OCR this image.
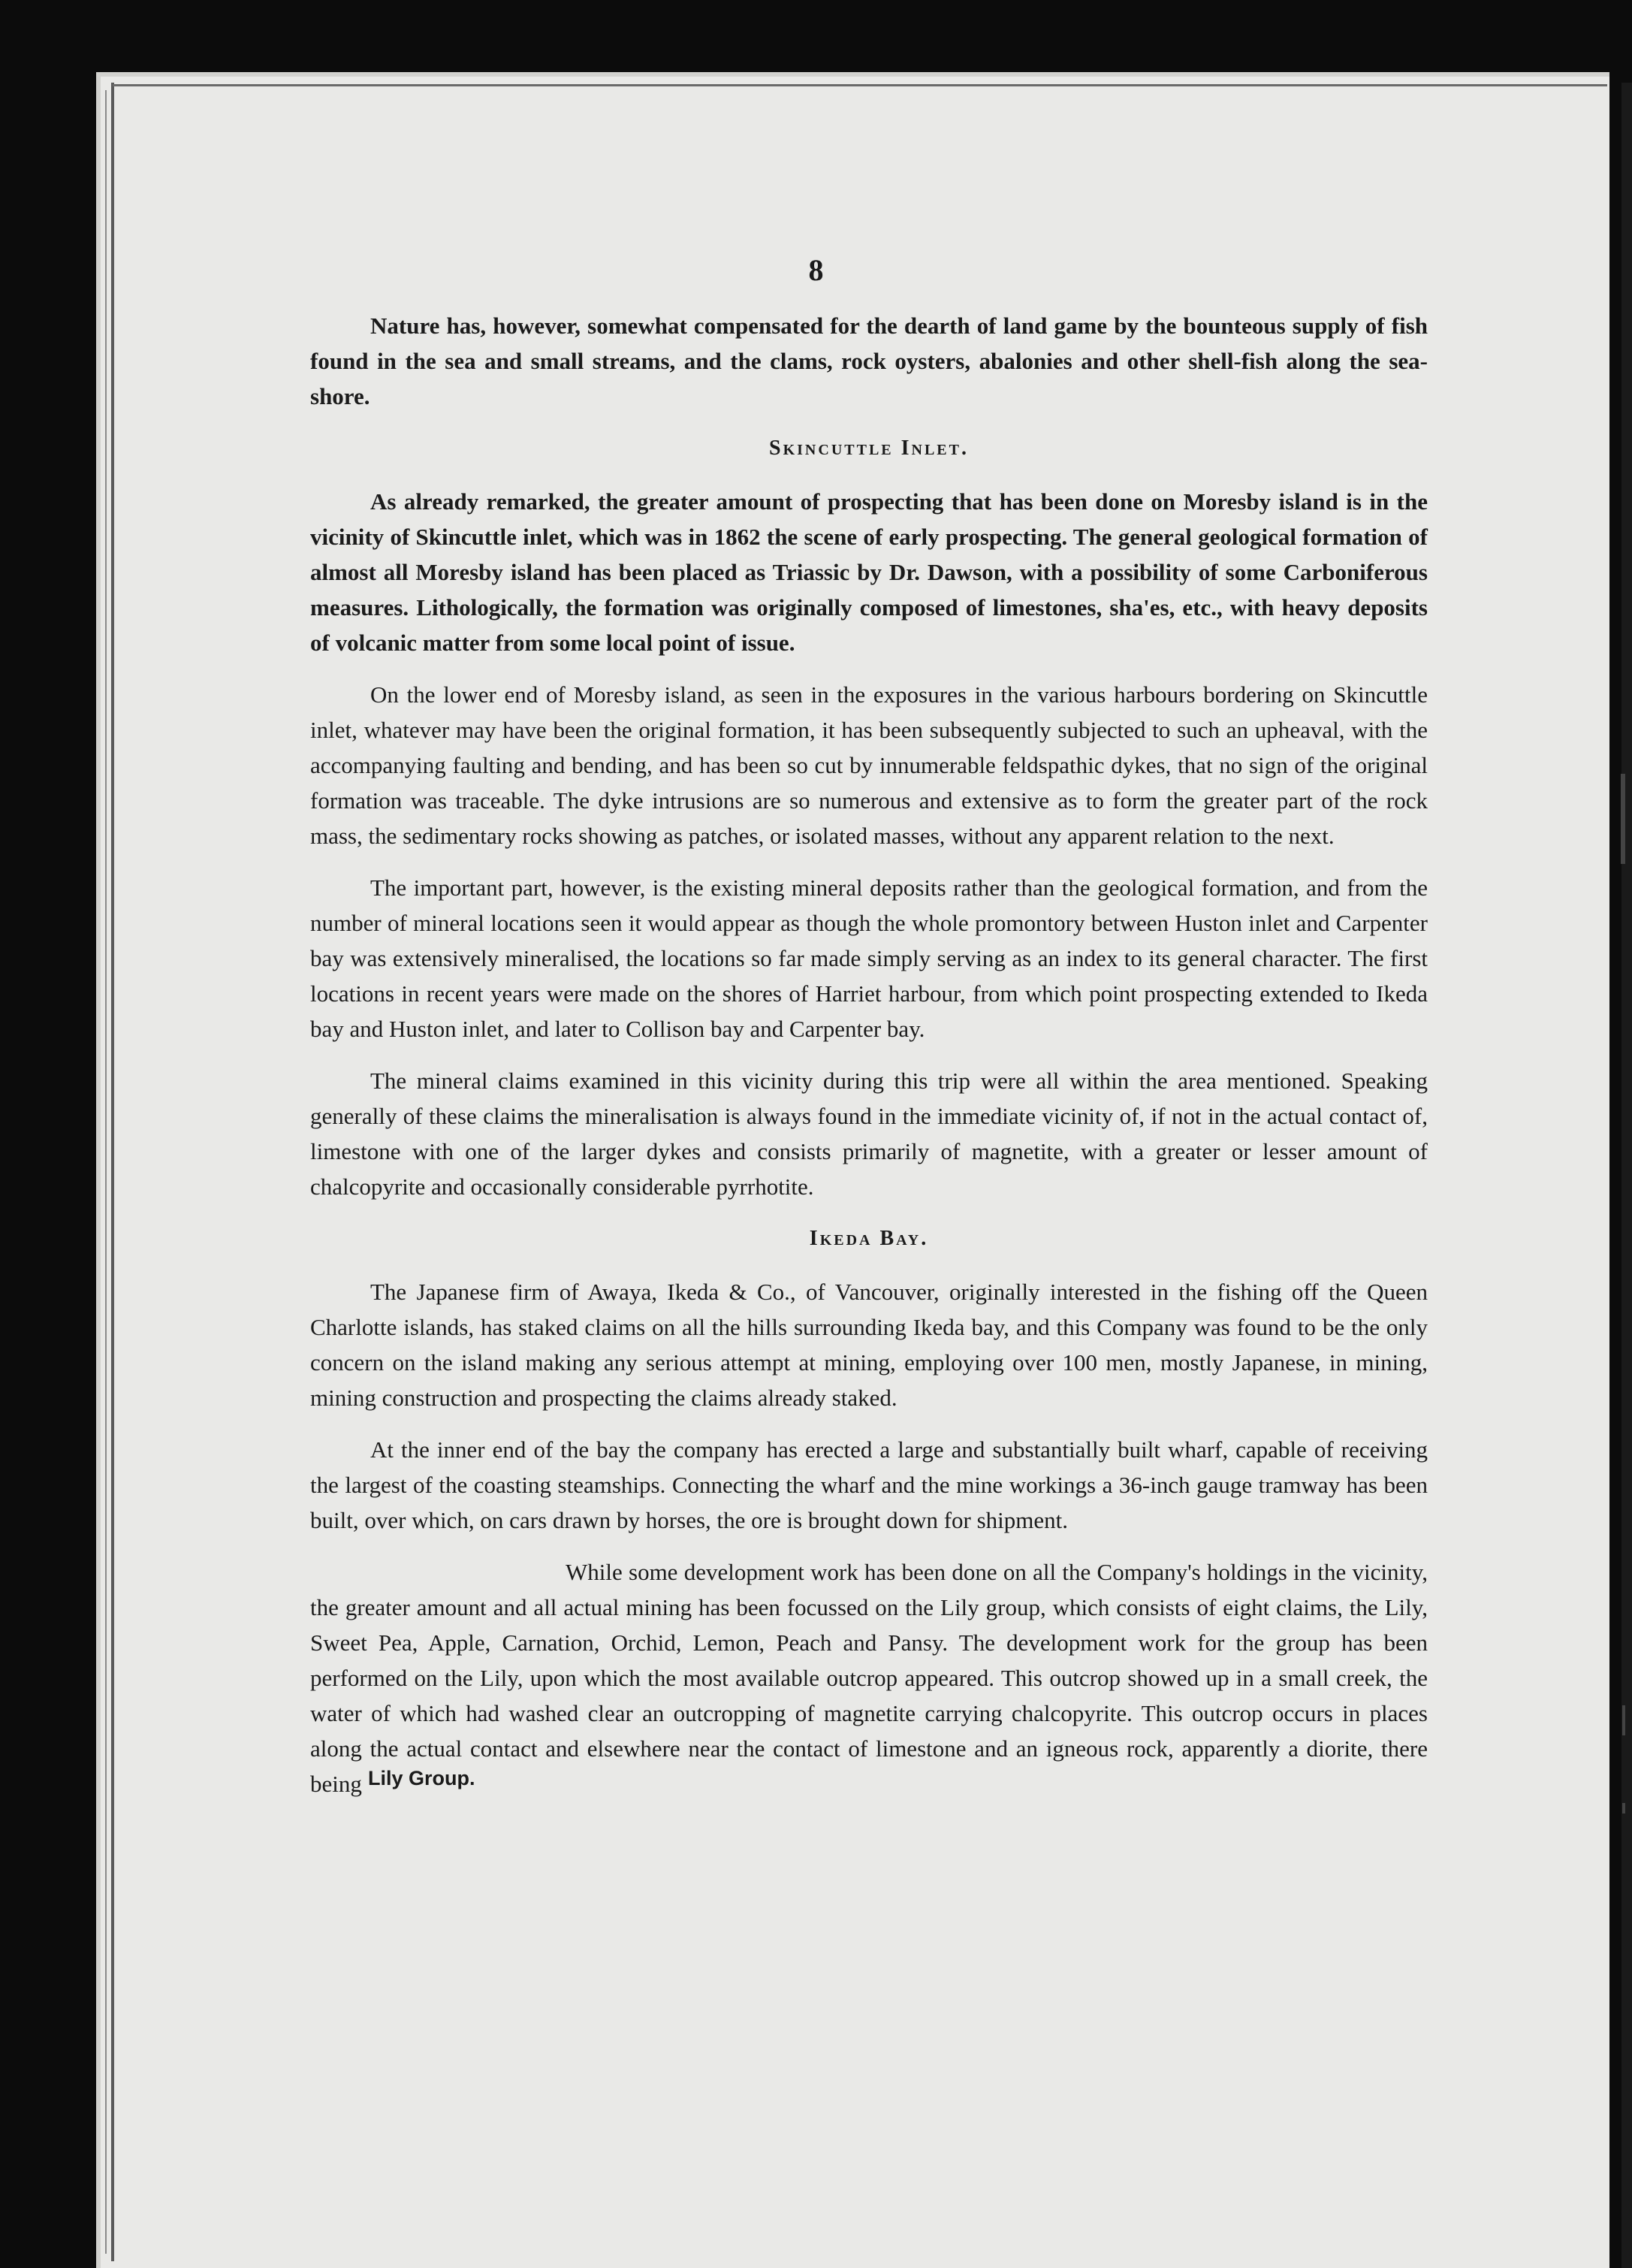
8

Nature has, however, somewhat compensated for the dearth of land game by the bounteous supply of fish found in the sea and small streams, and the clams, rock oysters, abalonies and other shell-fish along the sea-shore.

Skincuttle Inlet.

As already remarked, the greater amount of prospecting that has been done on Moresby island is in the vicinity of Skincuttle inlet, which was in 1862 the scene of early prospecting. The general geological formation of almost all Moresby island has been placed as Triassic by Dr. Dawson, with a possibility of some Carboniferous measures. Lithologically, the formation was originally composed of limestones, sha'es, etc., with heavy deposits of volcanic matter from some local point of issue.

On the lower end of Moresby island, as seen in the exposures in the various harbours bordering on Skincuttle inlet, whatever may have been the original formation, it has been subsequently subjected to such an upheaval, with the accompanying faulting and bending, and has been so cut by innumerable feldspathic dykes, that no sign of the original formation was traceable. The dyke intrusions are so numerous and extensive as to form the greater part of the rock mass, the sedimentary rocks showing as patches, or isolated masses, without any apparent relation to the next.

The important part, however, is the existing mineral deposits rather than the geological formation, and from the number of mineral locations seen it would appear as though the whole promontory between Huston inlet and Carpenter bay was extensively mineralised, the locations so far made simply serving as an index to its general character. The first locations in recent years were made on the shores of Harriet harbour, from which point prospecting extended to Ikeda bay and Huston inlet, and later to Collison bay and Carpenter bay.

The mineral claims examined in this vicinity during this trip were all within the area mentioned. Speaking generally of these claims the mineralisation is always found in the immediate vicinity of, if not in the actual contact of, limestone with one of the larger dykes and consists primarily of magnetite, with a greater or lesser amount of chalcopyrite and occasionally considerable pyrrhotite.

Ikeda Bay.

The Japanese firm of Awaya, Ikeda & Co., of Vancouver, originally interested in the fishing off the Queen Charlotte islands, has staked claims on all the hills surrounding Ikeda bay, and this Company was found to be the only concern on the island making any serious attempt at mining, employing over 100 men, mostly Japanese, in mining, mining construction and prospecting the claims already staked.

At the inner end of the bay the company has erected a large and substantially built wharf, capable of receiving the largest of the coasting steamships. Connecting the wharf and the mine workings a 36-inch gauge tramway has been built, over which, on cars drawn by horses, the ore is brought down for shipment.

While some development work has been done on all the Company's holdings in the vicinity, the greater amount and all actual mining has been focussed on the Lily group, which consists of eight claims, the Lily, Sweet Pea, Apple, Carnation, Orchid, Lemon, Peach and Pansy. The development work for the group has been performed on the Lily, upon which the most available outcrop appeared. This outcrop showed up in a small creek, the water of which had washed clear an outcropping of magnetite carrying chalcopyrite. This outcrop occurs in places along the actual contact and elsewhere near the contact of limestone and an igneous rock, apparently a diorite, there being Lily Group.
